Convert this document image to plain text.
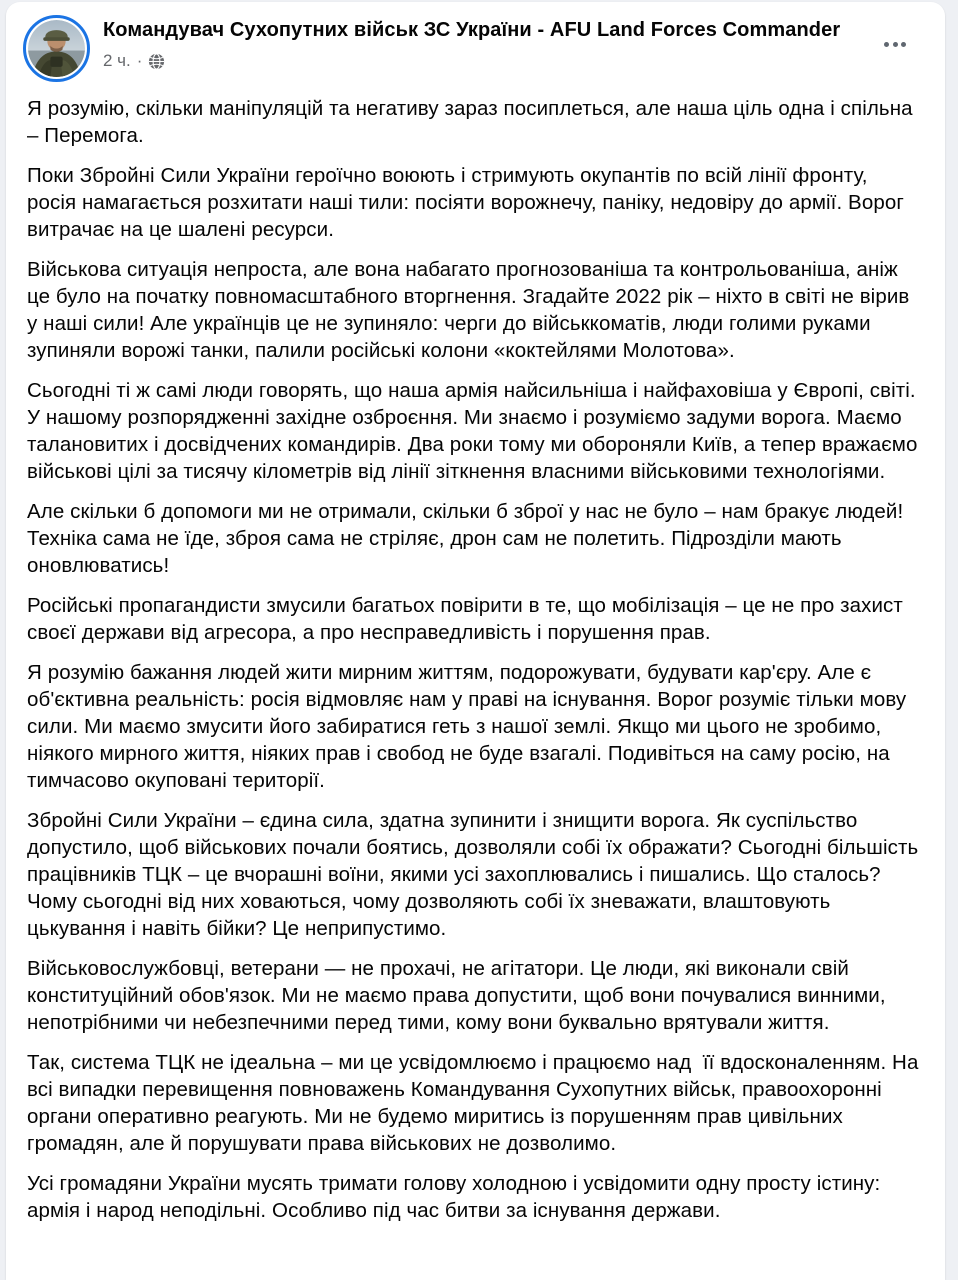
Командувач Сухопутних військ ЗС України - AFU Land Forces Commander
2 ч. ·

Я розумію, скільки маніпуляцій та негативу зараз посиплеться, але наша ціль одна і спільна – Перемога.

Поки Збройні Сили України героїчно воюють і стримують окупантів по всій лінії фронту, росія намагається розхитати наші тили: посіяти ворожнечу, паніку, недовіру до армії. Ворог витрачає на це шалені ресурси.

Військова ситуація непроста, але вона набагато прогнозованіша та контрольованіша, аніж це було на початку повномасштабного вторгнення. Згадайте 2022 рік – ніхто в світі не вірив у наші сили! Але українців це не зупиняло: черги до військкоматів, люди голими руками зупиняли ворожі танки, палили російські колони «коктейлями Молотова».

Сьогодні ті ж самі люди говорять, що наша армія найсильніша і найфаховіша у Європі, світі. У нашому розпорядженні західне озброєння. Ми знаємо і розуміємо задуми ворога. Маємо талановитих і досвідчених командирів. Два роки тому ми обороняли Київ, а тепер вражаємо військові цілі за тисячу кілометрів від лінії зіткнення власними військовими технологіями.

Але скільки б допомоги ми не отримали, скільки б зброї у нас не було – нам бракує людей! Техніка сама не їде, зброя сама не стріляє, дрон сам не полетить. Підрозділи мають оновлюватись!

Російські пропагандисти змусили багатьох повірити в те, що мобілізація – це не про захист своєї держави від агресора, а про несправедливість і порушення прав.

Я розумію бажання людей жити мирним життям, подорожувати, будувати кар'єру. Але є об'єктивна реальність: росія відмовляє нам у праві на існування. Ворог розуміє тільки мову сили. Ми маємо змусити його забиратися геть з нашої землі. Якщо ми цього не зробимо, ніякого мирного життя, ніяких прав і свобод не буде взагалі. Подивіться на саму росію, на тимчасово окуповані території.

Збройні Сили України – єдина сила, здатна зупинити і знищити ворога. Як суспільство допустило, щоб військових почали боятись, дозволяли собі їх ображати? Сьогодні більшість працівників ТЦК – це вчорашні воїни, якими усі захоплювались і пишались. Що сталось? Чому сьогодні від них ховаються, чому дозволяють собі їх зневажати, влаштовують цькування і навіть бійки? Це неприпустимо.

Військовослужбовці, ветерани — не прохачі, не агітатори. Це люди, які виконали свій конституційний обов'язок. Ми не маємо права допустити, щоб вони почувалися винними, непотрібними чи небезпечними перед тими, кому вони буквально врятували життя.

Так, система ТЦК не ідеальна – ми це усвідомлюємо і працюємо над  її вдосконаленням. На всі випадки перевищення повноважень Командування Сухопутних військ, правоохоронні органи оперативно реагують. Ми не будемо миритись із порушенням прав цивільних громадян, але й порушувати права військових не дозволимо.

Усі громадяни України мусять тримати голову холодною і усвідомити одну просту істину: армія і народ неподільні. Особливо під час битви за існування держави.
